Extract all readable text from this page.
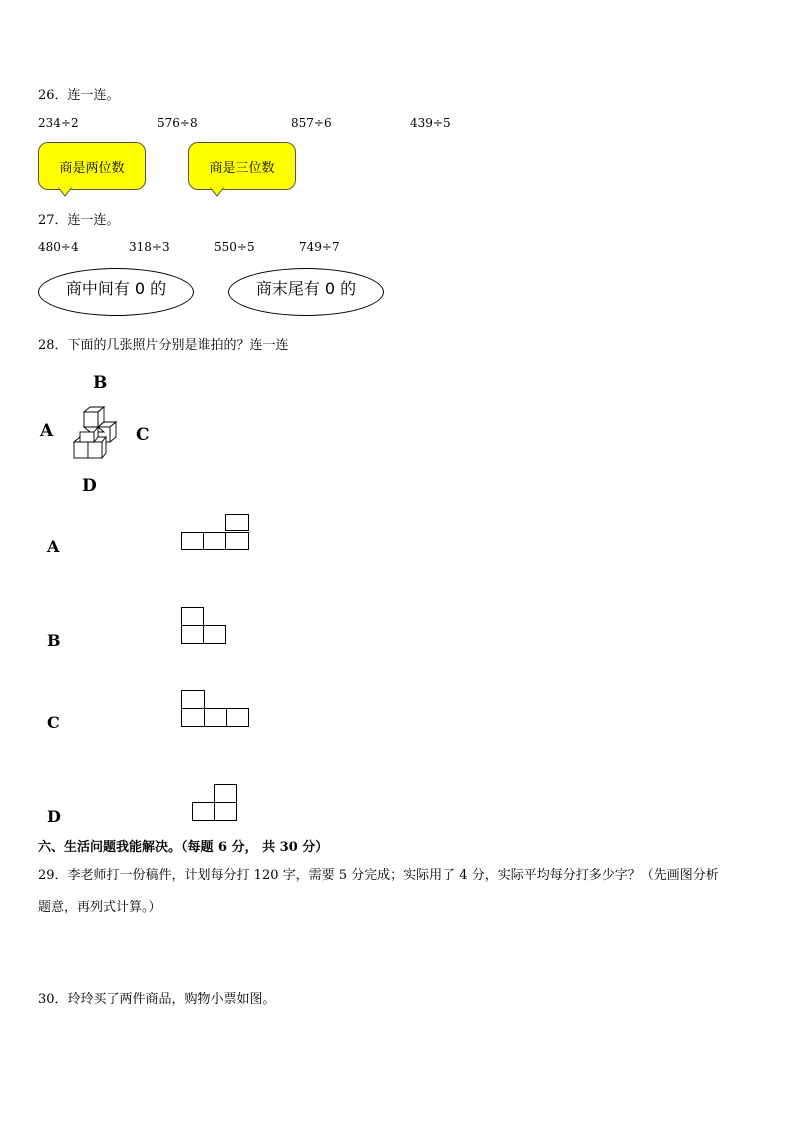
26．连一连。
234÷2	576÷8	857÷6	439÷5
商是两位数	商是三位数
27．连一连。
480÷4	318÷3	550÷5	749÷7
商中间有 0 的	商末尾有 0 的
28．下面的几张照片分别是谁拍的？连一连
B
A	C
D
A
B
C
D
六、生活问题我能解决。（每题 6 分， 共 30 分）
29．李老师打一份稿件，计划每分打 120 字，需要 5 分完成；实际用了 4 分，实际平均每分打多少字？（先画图分析
题意，再列式计算。）
30．玲玲买了两件商品，购物小票如图。
